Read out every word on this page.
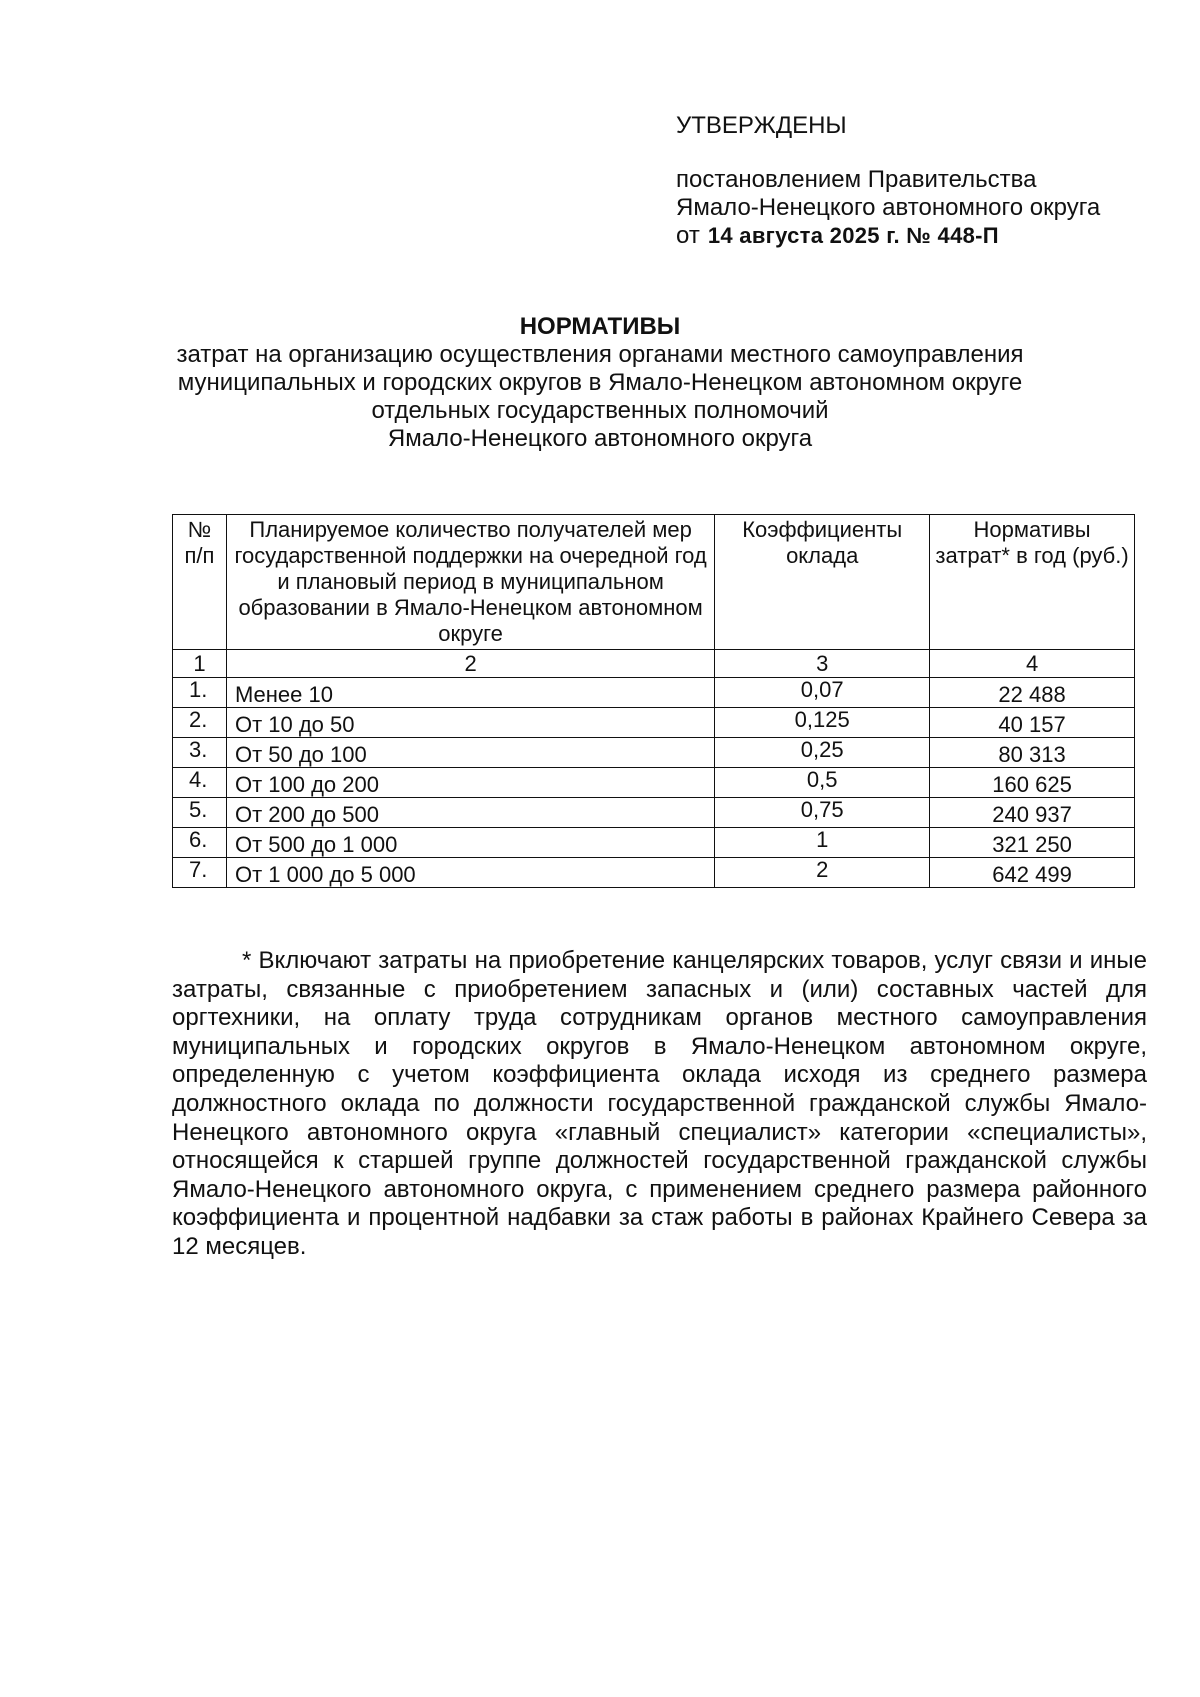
УТВЕРЖДЕНЫ
постановлением Правительства
Ямало-Ненецкого автономного округа
от 14 августа 2025 г. № 448-П
НОРМАТИВЫ
затрат на организацию осуществления органами местного самоуправления
муниципальных и городских округов в Ямало-Ненецком автономном округе
отдельных государственных полномочий
Ямало-Ненецкого автономного округа
№ п/п	Планируемое количество получателей мер государственной поддержки на очередной год и плановый период в муниципальном образовании в Ямало-Ненецком автономном округе	Коэффициенты оклада	Нормативы затрат* в год (руб.)
1	2	3	4
1.	Менее 10	0,07	22 488
2.	От 10 до 50	0,125	40 157
3.	От 50 до 100	0,25	80 313
4.	От 100 до 200	0,5	160 625
5.	От 200 до 500	0,75	240 937
6.	От 500 до 1 000	1	321 250
7.	От 1 000 до 5 000	2	642 499

* Включают затраты на приобретение канцелярских товаров, услуг связи и иные затраты, связанные с приобретением запасных и (или) составных частей для оргтехники, на оплату труда сотрудникам органов местного самоуправления муниципальных и городских округов в Ямало-Ненецком автономном округе, определенную с учетом коэффициента оклада исходя из среднего размера должностного оклада по должности государственной гражданской службы Ямало-Ненецкого автономного округа «главный специалист» категории «специалисты», относящейся к старшей группе должностей государственной гражданской службы Ямало-Ненецкого автономного округа, с применением среднего размера районного коэффициента и процентной надбавки за стаж работы в районах Крайнего Севера за 12 месяцев.
